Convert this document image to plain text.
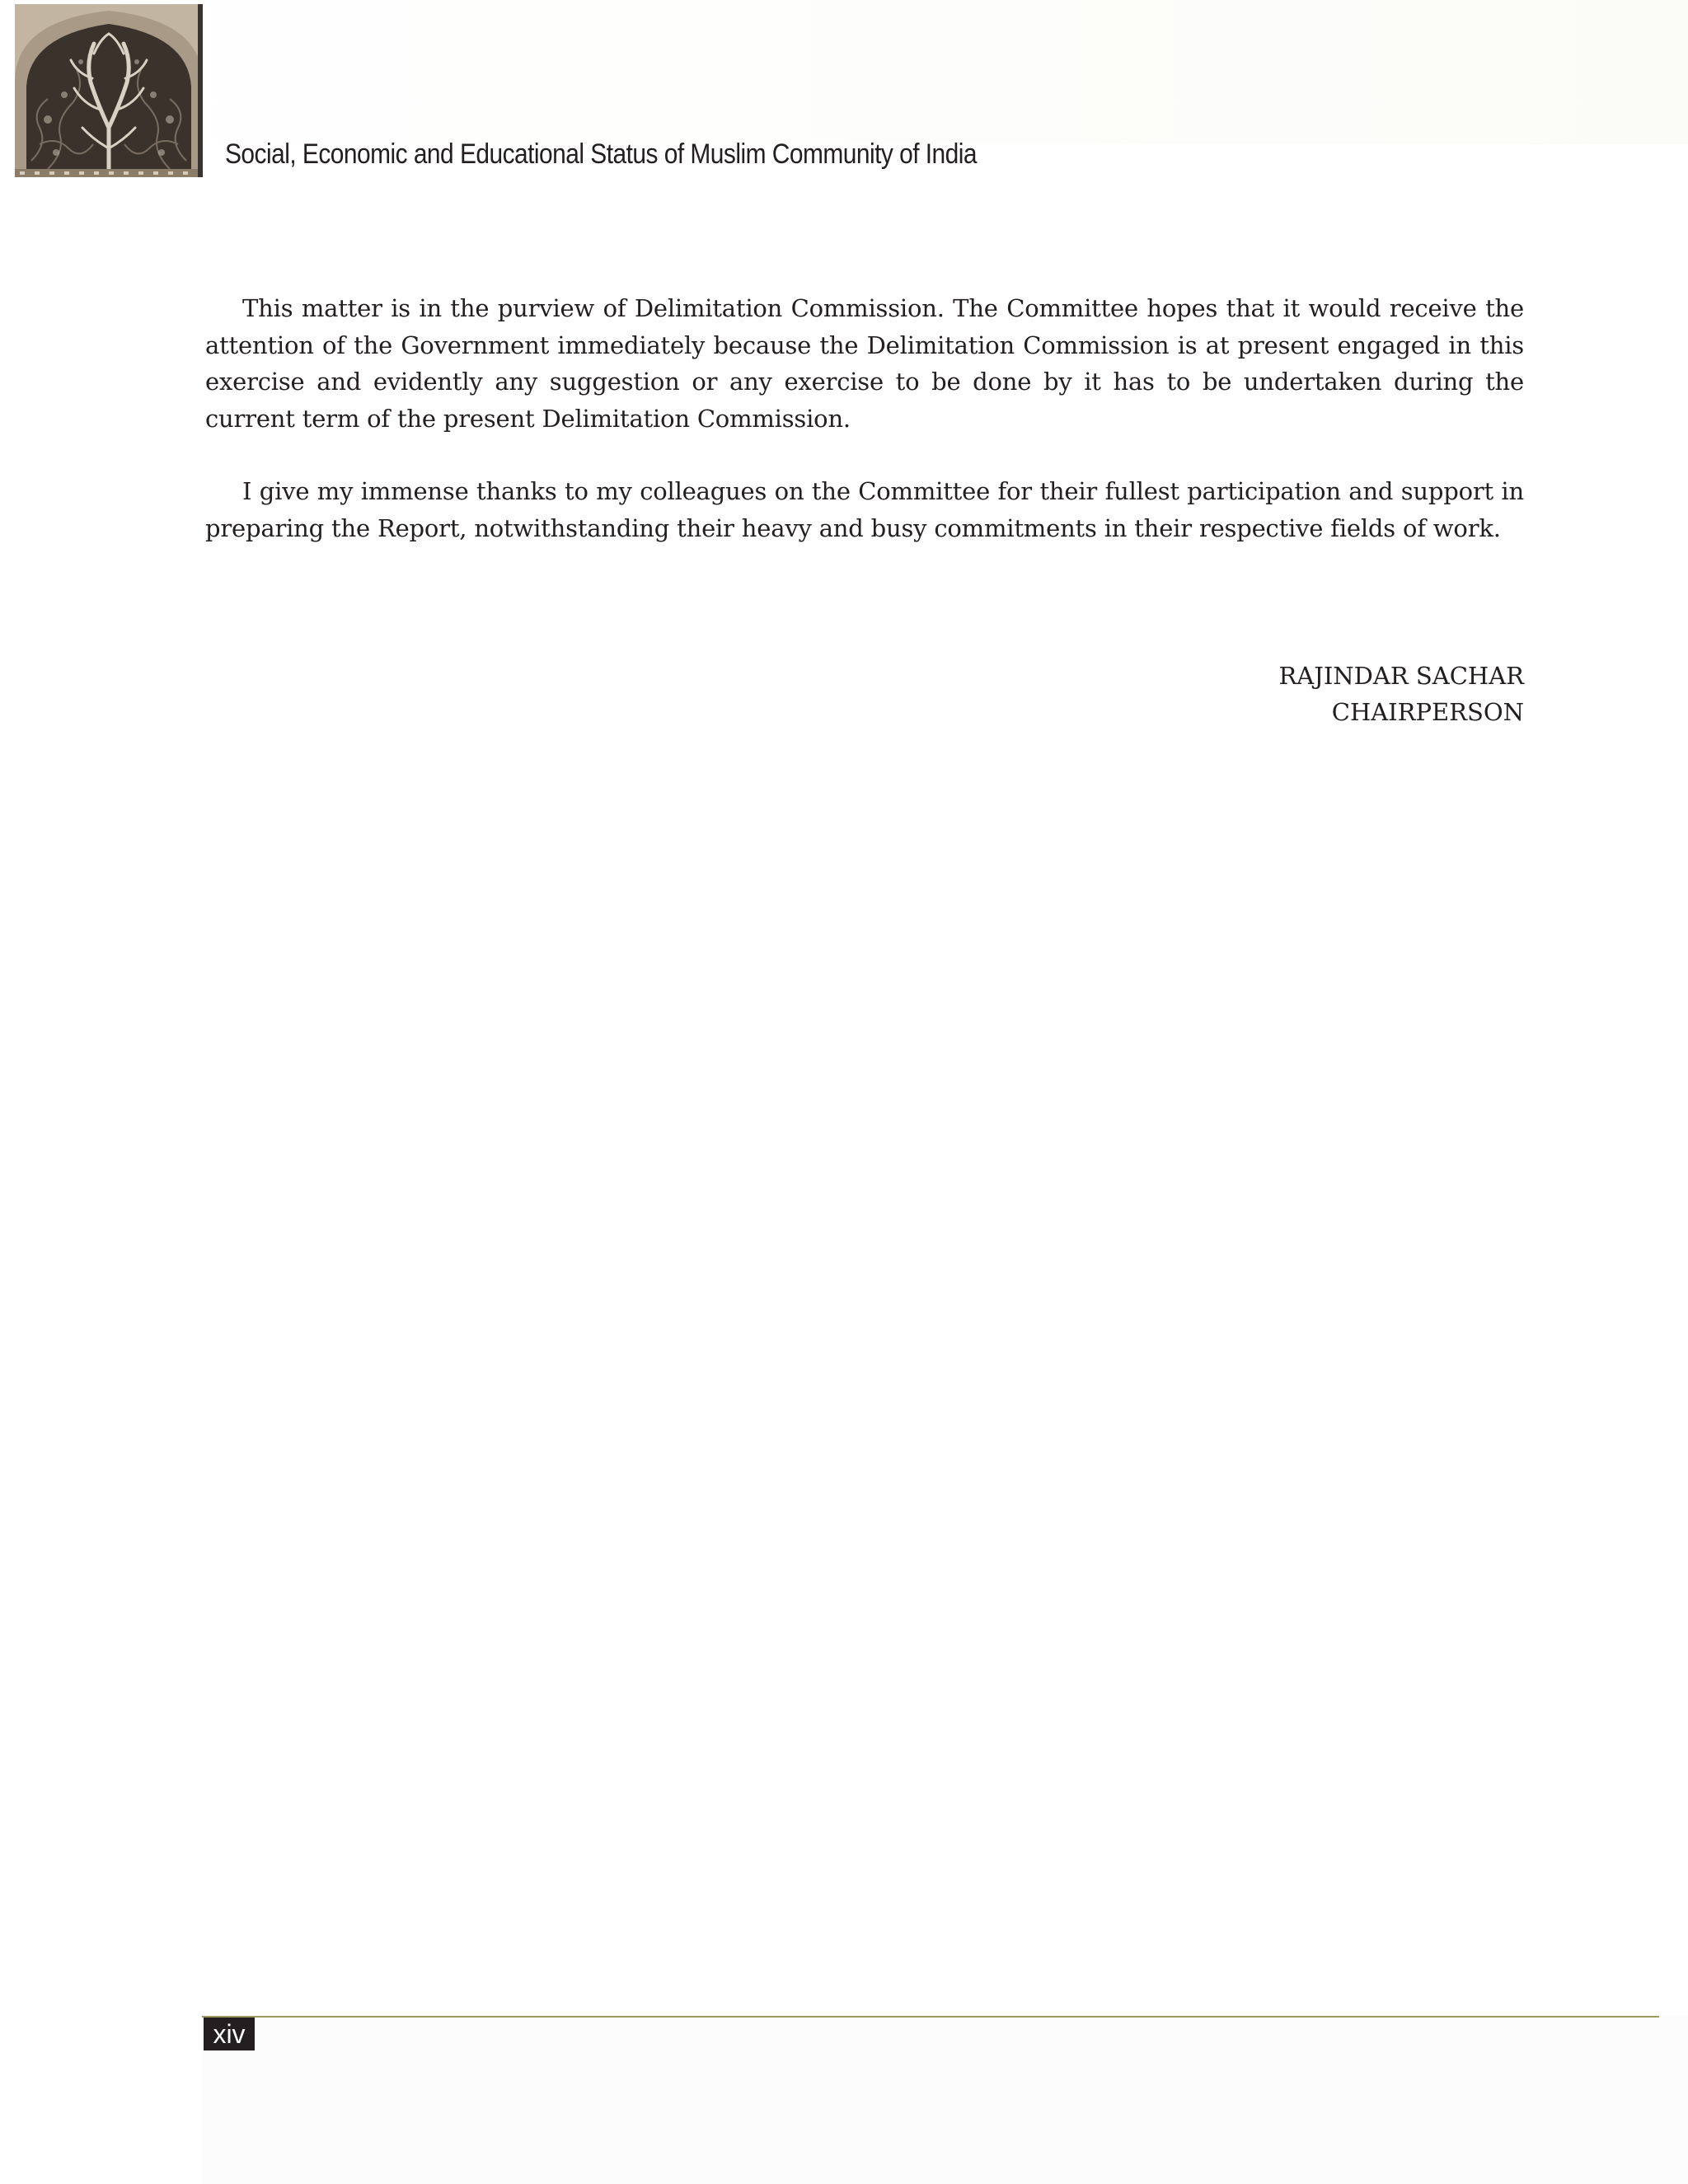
Social, Economic and Educational Status of Muslim Community of India

This matter is in the purview of Delimitation Commission. The Committee hopes that it would receive the attention of the Government immediately because the Delimitation Commission is at present engaged in this exercise and evidently any suggestion or any exercise to be done by it has to be undertaken during the current term of the present Delimitation Commission.

I give my immense thanks to my colleagues on the Committee for their fullest participation and support in preparing the Report, notwithstanding their heavy and busy commitments in their respective fields of work.

RAJINDAR SACHAR
CHAIRPERSON
xiv
